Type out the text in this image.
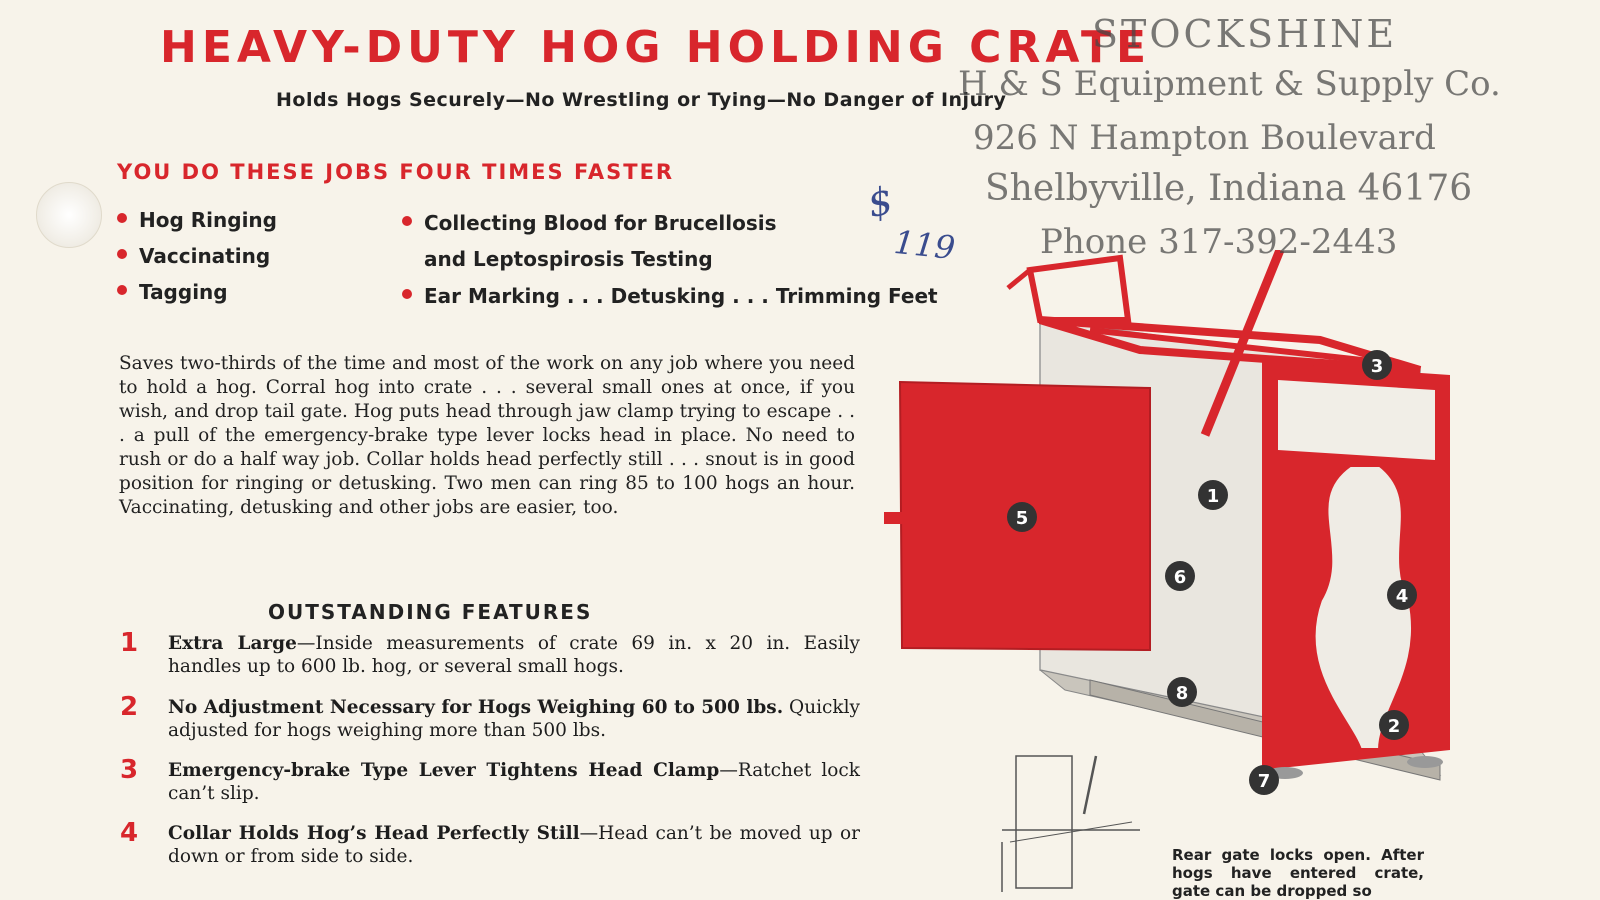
HEAVY-DUTY HOG HOLDING CRATE
Holds Hogs Securely—No Wrestling or Tying—No Danger of Injury
YOU DO THESE JOBS FOUR TIMES FASTER
Hog Ringing
Vaccinating
Tagging
Collecting Blood for Brucellosis
and Leptospirosis Testing
Ear Marking . . . Detusking . . . Trimming Feet
$
119
Saves two-thirds of the time and most of the work on any job where you need to hold a hog. Corral hog into crate . . . several small ones at once, if you wish, and drop tail gate. Hog puts head through jaw clamp trying to escape . . . a pull of the emergency-brake type lever locks head in place. No need to rush or do a half way job. Collar holds head perfectly still . . . snout is in good position for ringing or detusking. Two men can ring 85 to 100 hogs an hour. Vaccinating, detusking and other jobs are easier, too.
OUTSTANDING FEATURES
1 Extra Large—Inside measurements of crate 69 in. x 20 in. Easily handles up to 600 lb. hog, or several small hogs.
2 No Adjustment Necessary for Hogs Weighing 60 to 500 lbs. Quickly adjusted for hogs weighing more than 500 lbs.
3 Emergency-brake Type Lever Tightens Head Clamp—Ratchet lock can’t slip.
4 Collar Holds Hog’s Head Perfectly Still—Head can’t be moved up or down or from side to side.
1
2
3
4
5
6
7
8
Rear gate locks open. After hogs have entered crate, gate can be dropped so
STOCKSHINE
H & S Equipment & Supply Co.
926 N Hampton Boulevard
Shelbyville, Indiana 46176
Phone 317-392-2443
